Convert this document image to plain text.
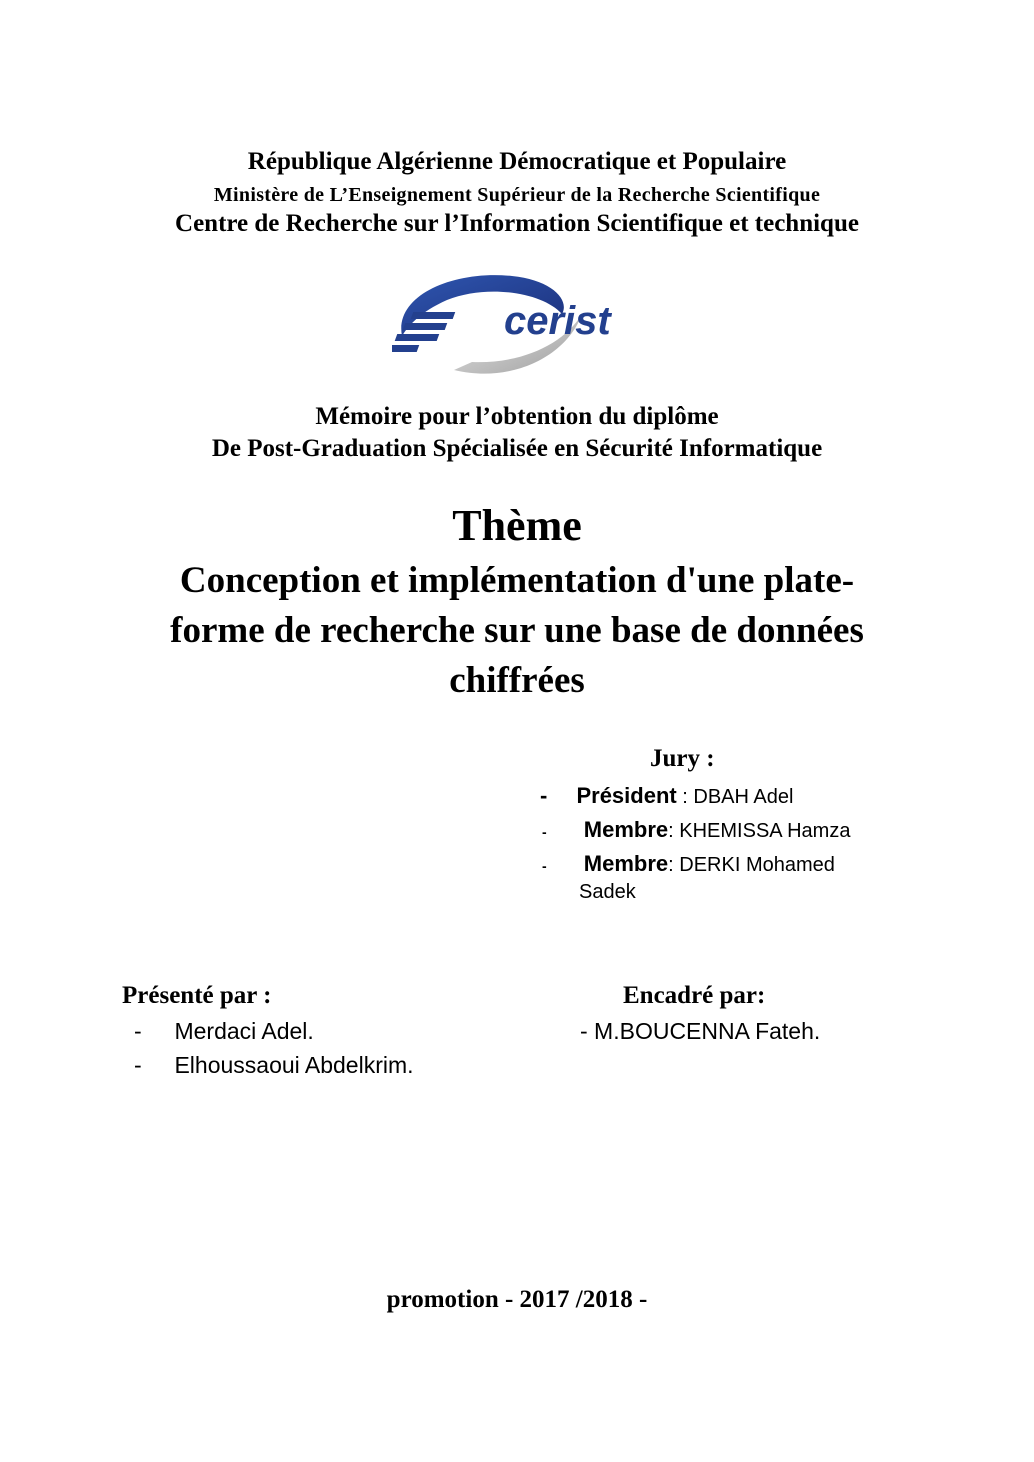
République Algérienne Démocratique et Populaire
Ministère de L’Enseignement Supérieur de la Recherche Scientifique
Centre de Recherche sur l’Information Scientifique et technique
cerist
Mémoire pour l’obtention du diplôme
De Post-Graduation Spécialisée en Sécurité Informatique
Thème
Conception et implémentation d'une plate-
forme de recherche sur une base de données
chiffrées
Jury :
- Président : DBAH Adel
- Membre: KHEMISSA Hamza
- Membre: DERKI Mohamed
Sadek
Présenté par :
- Merdaci Adel.
- Elhoussaoui Abdelkrim.
Encadré par:
- M.BOUCENNA Fateh.
promotion - 2017 /2018 -
